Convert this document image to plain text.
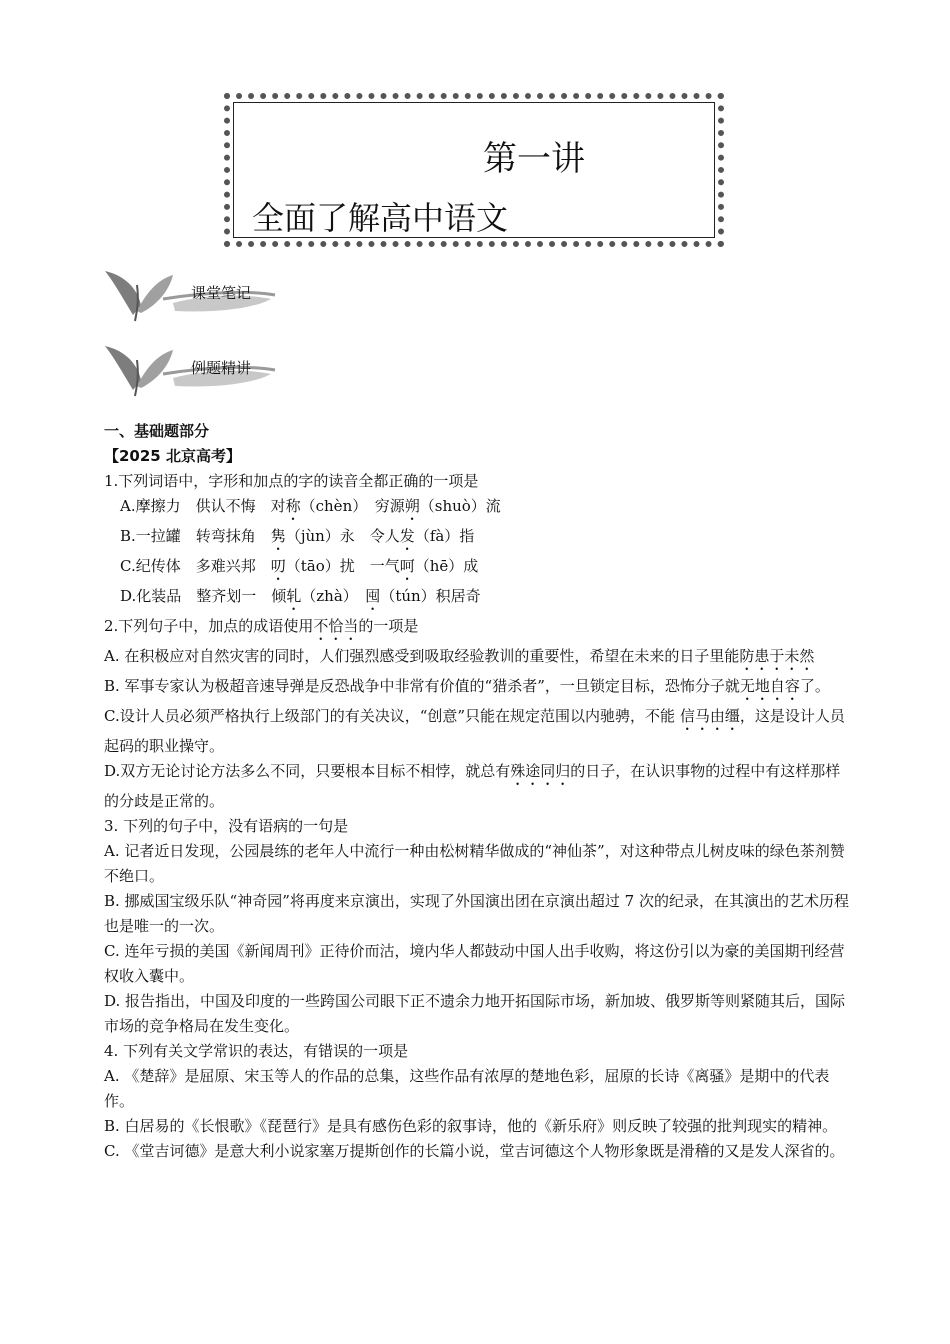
第一讲
全面了解高中语文
课堂笔记
例题精讲

一、基础题部分

【2025 北京高考】

1.下列词语中，字形和加点的字的读音全都正确的一项是

A.摩擦力　供认不悔　对称（chèn）　穷源朔（shuò）流

B.一拉罐　转弯抹角　隽（jùn）永　令人发（fà）指

C.纪传体　多难兴邦　叨（tāo）扰　一气呵（hē）成

D.化装品　整齐划一　倾轧（zhà）　囤（tún）积居奇

2.下列句子中，加点的成语使用不恰当的一项是

A. 在积极应对自然灾害的同时，人们强烈感受到吸取经验教训的重要性，希望在未来的日子里能防患于未然

B. 军事专家认为极超音速导弹是反恐战争中非常有价值的“猎杀者”，一旦锁定目标，恐怖分子就无地自容了。

C.设计人员必须严格执行上级部门的有关决议，“创意”只能在规定范围以内驰骋，不能 信马由缰，这是设计人员起码的职业操守。

D.双方无论讨论方法多么不同，只要根本目标不相悖，就总有殊途同归的日子，在认识事物的过程中有这样那样的分歧是正常的。

3. 下列的句子中，没有语病的一句是

A. 记者近日发现，公园晨练的老年人中流行一种由松树精华做成的“神仙茶”，对这种带点儿树皮味的绿色茶剂赞不绝口。

B. 挪威国宝级乐队“神奇园”将再度来京演出，实现了外国演出团在京演出超过 7 次的纪录，在其演出的艺术历程也是唯一的一次。

C. 连年亏损的美国《新闻周刊》正待价而沽，境内华人都鼓动中国人出手收购，将这份引以为豪的美国期刊经营权收入囊中。

D. 报告指出，中国及印度的一些跨国公司眼下正不遗余力地开拓国际市场，新加坡、俄罗斯等则紧随其后，国际市场的竞争格局在发生变化。

4. 下列有关文学常识的表达，有错误的一项是

A. 《楚辞》是屈原、宋玉等人的作品的总集，这些作品有浓厚的楚地色彩，屈原的长诗《离骚》是期中的代表作。

B. 白居易的《长恨歌》《琵琶行》是具有感伤色彩的叙事诗，他的《新乐府》则反映了较强的批判现实的精神。

C. 《堂吉诃德》是意大利小说家塞万提斯创作的长篇小说，堂吉诃德这个人物形象既是滑稽的又是发人深省的。
